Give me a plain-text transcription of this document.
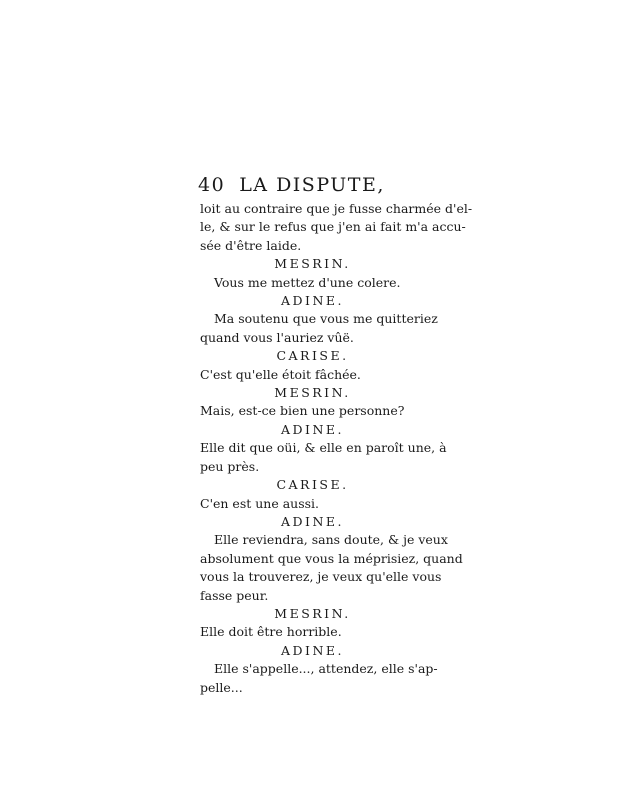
40 LA DISPUTE,
loit au contraire que je fusse charmée d'el-
le, & sur le refus que j'en ai fait m'a accu-
sée d'être laide.
MESRIN.
Vous me mettez d'une colere.
ADINE.
Ma soutenu que vous me quitteriez
quand vous l'auriez vûë.
CARISE.
C'est qu'elle étoit fâchée.
MESRIN.
Mais, est-ce bien une personne?
ADINE.
Elle dit que oüi, & elle en paroît une, à
peu près.
CARISE.
C'en est une aussi.
ADINE.
Elle reviendra, sans doute, & je veux
absolument que vous la méprisiez, quand
vous la trouverez, je veux qu'elle vous
fasse peur.
MESRIN.
Elle doit être horrible.
ADINE.
Elle s'appelle..., attendez, elle s'ap-
pelle...
